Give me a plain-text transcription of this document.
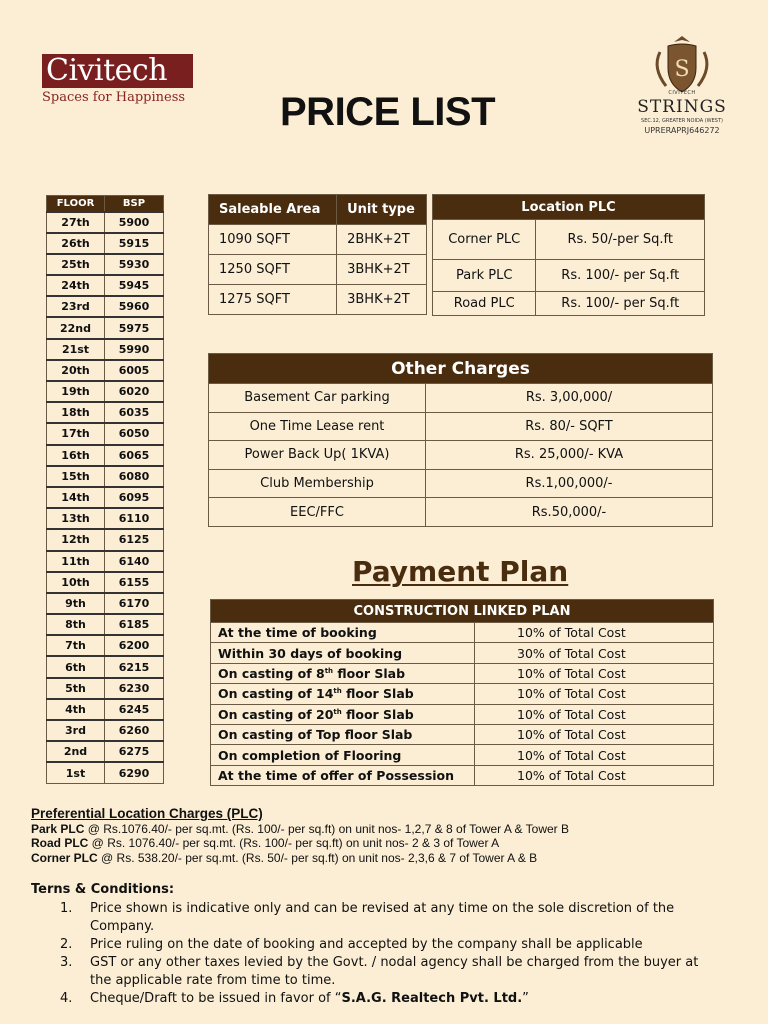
Civitech
Spaces for Happiness PRICE LIST
S
CIVITECH
STRINGS
SEC.12, GREATER NOIDA (WEST)
UPRERAPRJ646272
FLOOR	BSP
27th	5900
26th	5915
25th	5930
24th	5945
23rd	5960
22nd	5975
21st	5990
20th	6005
19th	6020
18th	6035
17th	6050
16th	6065
15th	6080
14th	6095
13th	6110
12th	6125
11th	6140
10th	6155
9th	6170
8th	6185
7th	6200
6th	6215
5th	6230
4th	6245
3rd	6260
2nd	6275
1st	6290
Saleable Area	Unit type
1090 SQFT	2BHK+2T
1250 SQFT	3BHK+2T
1275 SQFT	3BHK+2T
Location PLC	
Corner PLC	Rs. 50/-per Sq.ft
Park PLC	Rs. 100/- per Sq.ft
Road PLC	Rs. 100/- per Sq.ft
Other Charges	
Basement Car parking	Rs. 3,00,000/
One Time Lease rent	Rs. 80/- SQFT
Power Back Up( 1KVA)	Rs. 25,000/- KVA
Club Membership	Rs.1,00,000/-
EEC/FFC	Rs.50,000/-
Payment Plan
CONSTRUCTION LINKED PLAN	
At the time of booking	10% of Total Cost
Within 30 days of booking	30% of Total Cost
On casting of 8th floor Slab	10% of Total Cost
On casting of 14th floor Slab	10% of Total Cost
On casting of 20th floor Slab	10% of Total Cost
On casting of Top floor Slab	10% of Total Cost
On completion of Flooring	10% of Total Cost
At the time of offer of Possession	10% of Total Cost
Preferential Location Charges (PLC)
Park PLC @ Rs.1076.40/- per sq.mt. (Rs. 100/- per sq.ft) on unit nos- 1,2,7 & 8 of Tower A & Tower B
Road PLC @ Rs. 1076.40/- per sq.mt. (Rs. 100/- per sq.ft) on unit nos- 2 & 3 of Tower A
Corner PLC @ Rs. 538.20/- per sq.mt. (Rs. 50/- per sq.ft) on unit nos- 2,3,6 & 7 of Tower A & B
Terns & Conditions:
1.	Price shown is indicative only and can be revised at any time on the sole discretion of the Company.
2.	Price ruling on the date of booking and accepted by the company shall be applicable
3.	GST or any other taxes levied by the Govt. / nodal agency shall be charged from the buyer at the applicable rate from time to time.
4.	Cheque/Draft to be issued in favor of “S.A.G. Realtech Pvt. Ltd.”
